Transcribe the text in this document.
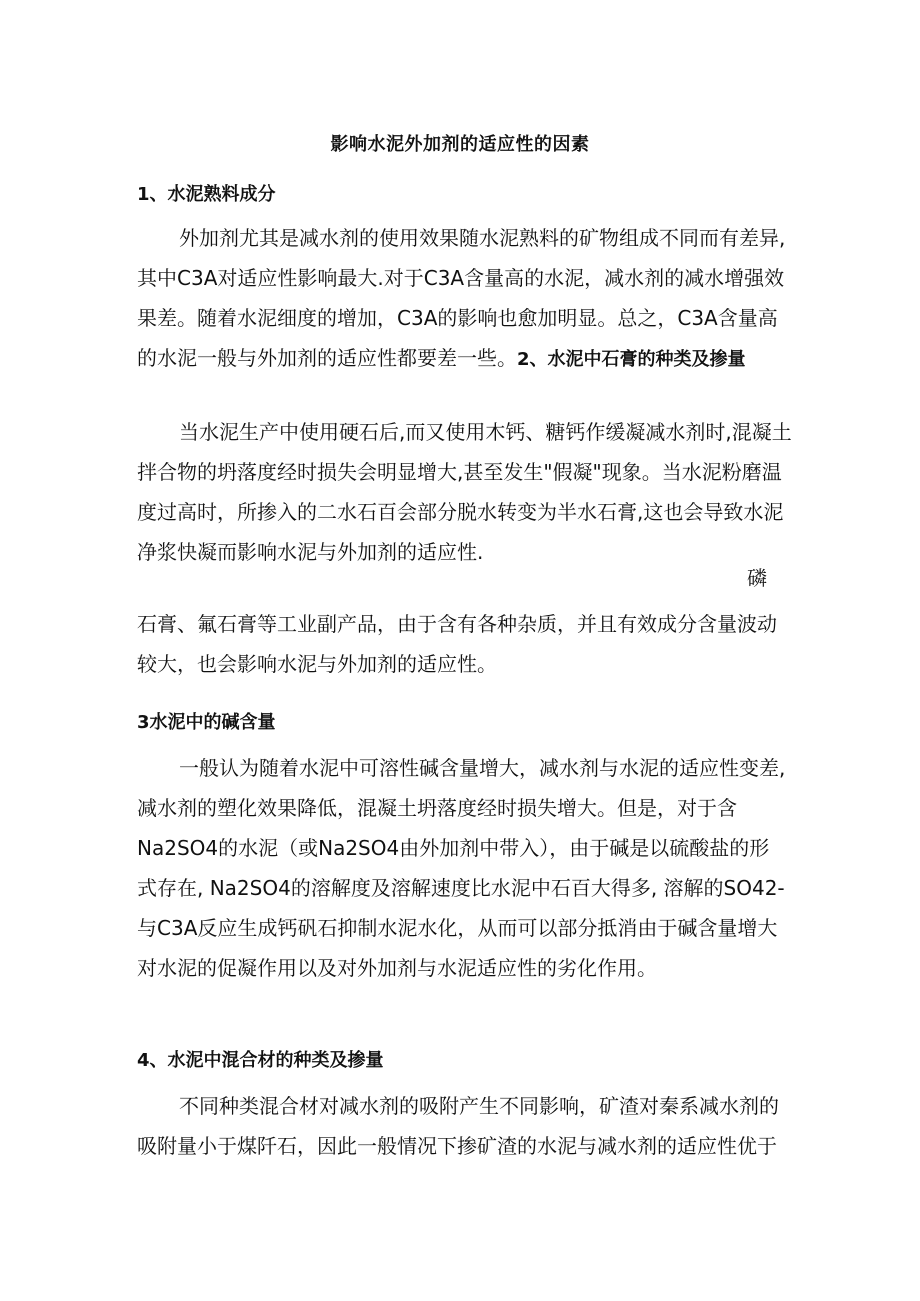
影响水泥外加剂的适应性的因素
1、水泥熟料成分
外加剂尤其是减水剂的使用效果随水泥熟料的矿物组成不同而有差异,
其中C3A对适应性影响最大.对于C3A含量高的水泥，减水剂的减水增强效
果差。随着水泥细度的增加，C3A的影响也愈加明显。总之，C3A含量高
的水泥一般与外加剂的适应性都要差一些。2、水泥中石膏的种类及掺量
当水泥生产中使用硬石后,而又使用木钙、糖钙作缓凝减水剂时,混凝土
拌合物的坍落度经时损失会明显增大,甚至发生"假凝"现象。当水泥粉磨温
度过高时，所掺入的二水石百会部分脱水转变为半水石膏,这也会导致水泥
净浆快凝而影响水泥与外加剂的适应性.
磷
石膏、氟石膏等工业副产品，由于含有各种杂质，并且有效成分含量波动
较大，也会影响水泥与外加剂的适应性。
3水泥中的碱含量
一般认为随着水泥中可溶性碱含量增大，减水剂与水泥的适应性变差,
减水剂的塑化效果降低，混凝土坍落度经时损失增大。但是，对于含
Na2SO4的水泥（或Na2SO4由外加剂中带入），由于碱是以硫酸盐的形
式存在, Na2SO4的溶解度及溶解速度比水泥中石百大得多, 溶解的SO42-
与C3A反应生成钙矾石抑制水泥水化，从而可以部分抵消由于碱含量增大
对水泥的促凝作用以及对外加剂与水泥适应性的劣化作用。
4、水泥中混合材的种类及掺量
不同种类混合材对减水剂的吸附产生不同影响，矿渣对秦系减水剂的
吸附量小于煤阡石，因此一般情况下掺矿渣的水泥与减水剂的适应性优于
